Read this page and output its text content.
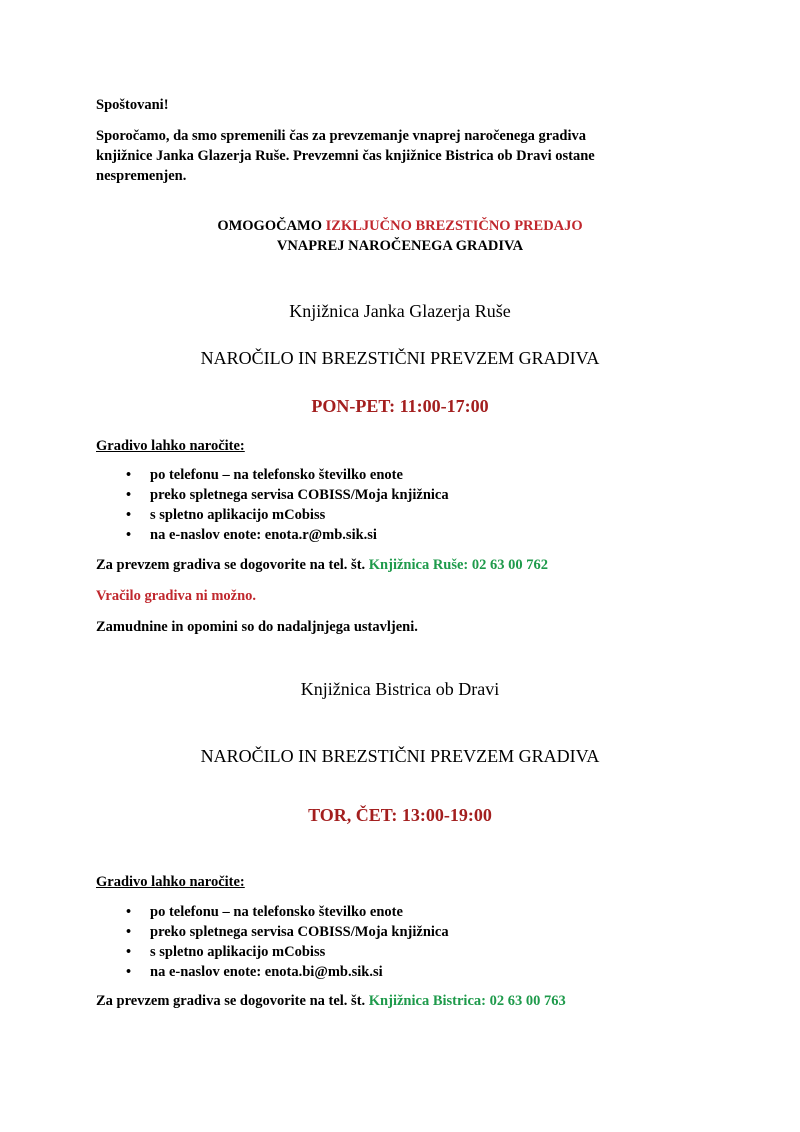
Spoštovani!

Sporočamo, da smo spremenili čas za prevzemanje vnaprej naročenega gradiva

knjižnice Janka Glazerja Ruše. Prevzemni čas knjižnice Bistrica ob Dravi ostane

nespremenjen.

OMOGOČAMO IZKLJUČNO BREZSTIČNO PREDAJO

VNAPREJ NAROČENEGA GRADIVA

Knjižnica Janka Glazerja Ruše

NAROČILO IN BREZSTIČNI PREVZEM GRADIVA

PON-PET: 11:00-17:00

Gradivo lahko naročite:

• po telefonu – na telefonsko številko enote
• preko spletnega servisa COBISS/Moja knjižnica
• s spletno aplikacijo mCobiss
• na e-naslov enote: enota.r@mb.sik.si

Za prevzem gradiva se dogovorite na tel. št. Knjižnica Ruše: 02 63 00 762

Vračilo gradiva ni možno.

Zamudnine in opomini so do nadaljnjega ustavljeni.

Knjižnica Bistrica ob Dravi

NAROČILO IN BREZSTIČNI PREVZEM GRADIVA

TOR, ČET: 13:00-19:00

Gradivo lahko naročite:

• po telefonu – na telefonsko številko enote
• preko spletnega servisa COBISS/Moja knjižnica
• s spletno aplikacijo mCobiss
• na e-naslov enote: enota.bi@mb.sik.si

Za prevzem gradiva se dogovorite na tel. št. Knjižnica Bistrica: 02 63 00 763
